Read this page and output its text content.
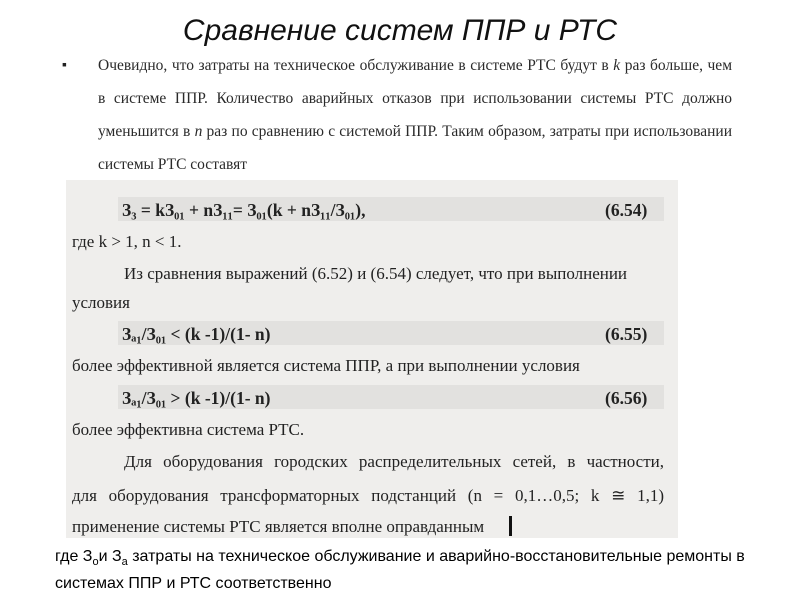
Сравнение систем ППР и РТС
▪ Очевидно, что затраты на техническое обслуживание в системе РТС будут в k раз больше, чем в системе ППР. Количество аварийных отказов при использовании системы РТС должно уменьшится в n раз по сравнению с системой ППР. Таким образом, затраты при использовании системы РТС составят
З₃ = kЗ₀₁ + nЗ₁₁= З₀₁(k + nЗ₁₁/З₀₁),	(6.54)
где k > 1, n < 1.
Из сравнения выражений (6.52) и (6.54) следует, что при выполнении
условия
Зₐ₁/З₀₁ < (k -1)/(1- n)	(6.55)
более эффективной является система ППР, а при выполнении условия
Зₐ₁/З₀₁ > (k -1)/(1- n)	(6.56)
более эффективна система РТС.
Для оборудования городских распределительных сетей, в частности,
для оборудования трансформаторных подстанций (n = 0,1…0,5; k ≅ 1,1)
применение системы РТС является вполне оправданным
где $З_ои$ $З_а$ затраты на техническое обслуживание и аварийно-восстановительные ремонты в системах ППР и РТС соответственно
